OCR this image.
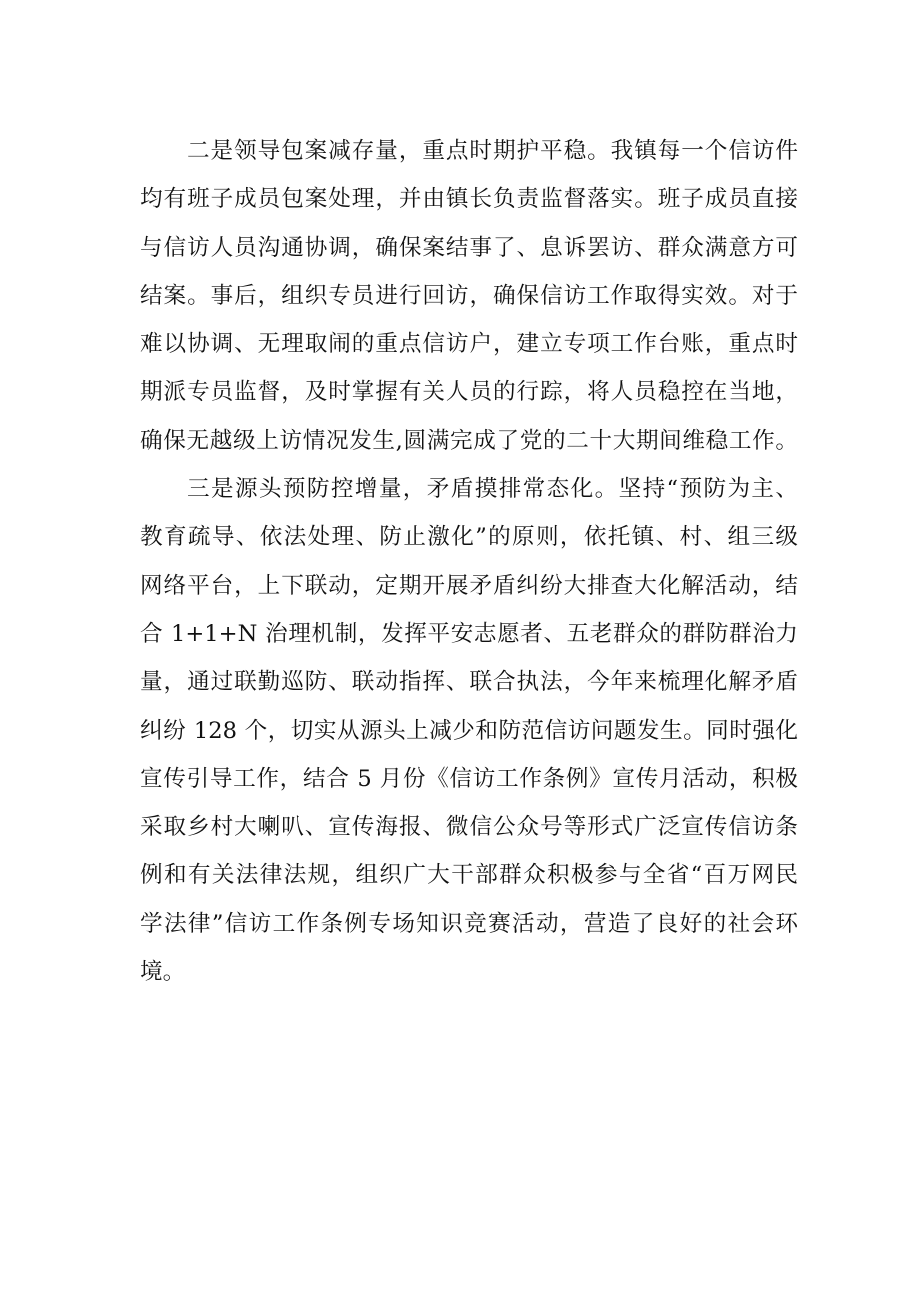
二是领导包案减存量，重点时期护平稳。我镇每一个信访件
均有班子成员包案处理，并由镇长负责监督落实。班子成员直接
与信访人员沟通协调，确保案结事了、息诉罢访、群众满意方可
结案。事后，组织专员进行回访，确保信访工作取得实效。对于
难以协调、无理取闹的重点信访户，建立专项工作台账，重点时
期派专员监督，及时掌握有关人员的行踪，将人员稳控在当地，
确保无越级上访情况发生,圆满完成了党的二十大期间维稳工作。
三是源头预防控增量，矛盾摸排常态化。坚持“预防为主、
教育疏导、依法处理、防止激化”的原则，依托镇、村、组三级
网络平台，上下联动，定期开展矛盾纠纷大排查大化解活动，结
合 1+1+N 治理机制，发挥平安志愿者、五老群众的群防群治力
量，通过联勤巡防、联动指挥、联合执法，今年来梳理化解矛盾
纠纷 128 个，切实从源头上减少和防范信访问题发生。同时强化
宣传引导工作，结合 5 月份《信访工作条例》宣传月活动，积极
采取乡村大喇叭、宣传海报、微信公众号等形式广泛宣传信访条
例和有关法律法规，组织广大干部群众积极参与全省“百万网民
学法律”信访工作条例专场知识竞赛活动，营造了良好的社会环
境。
